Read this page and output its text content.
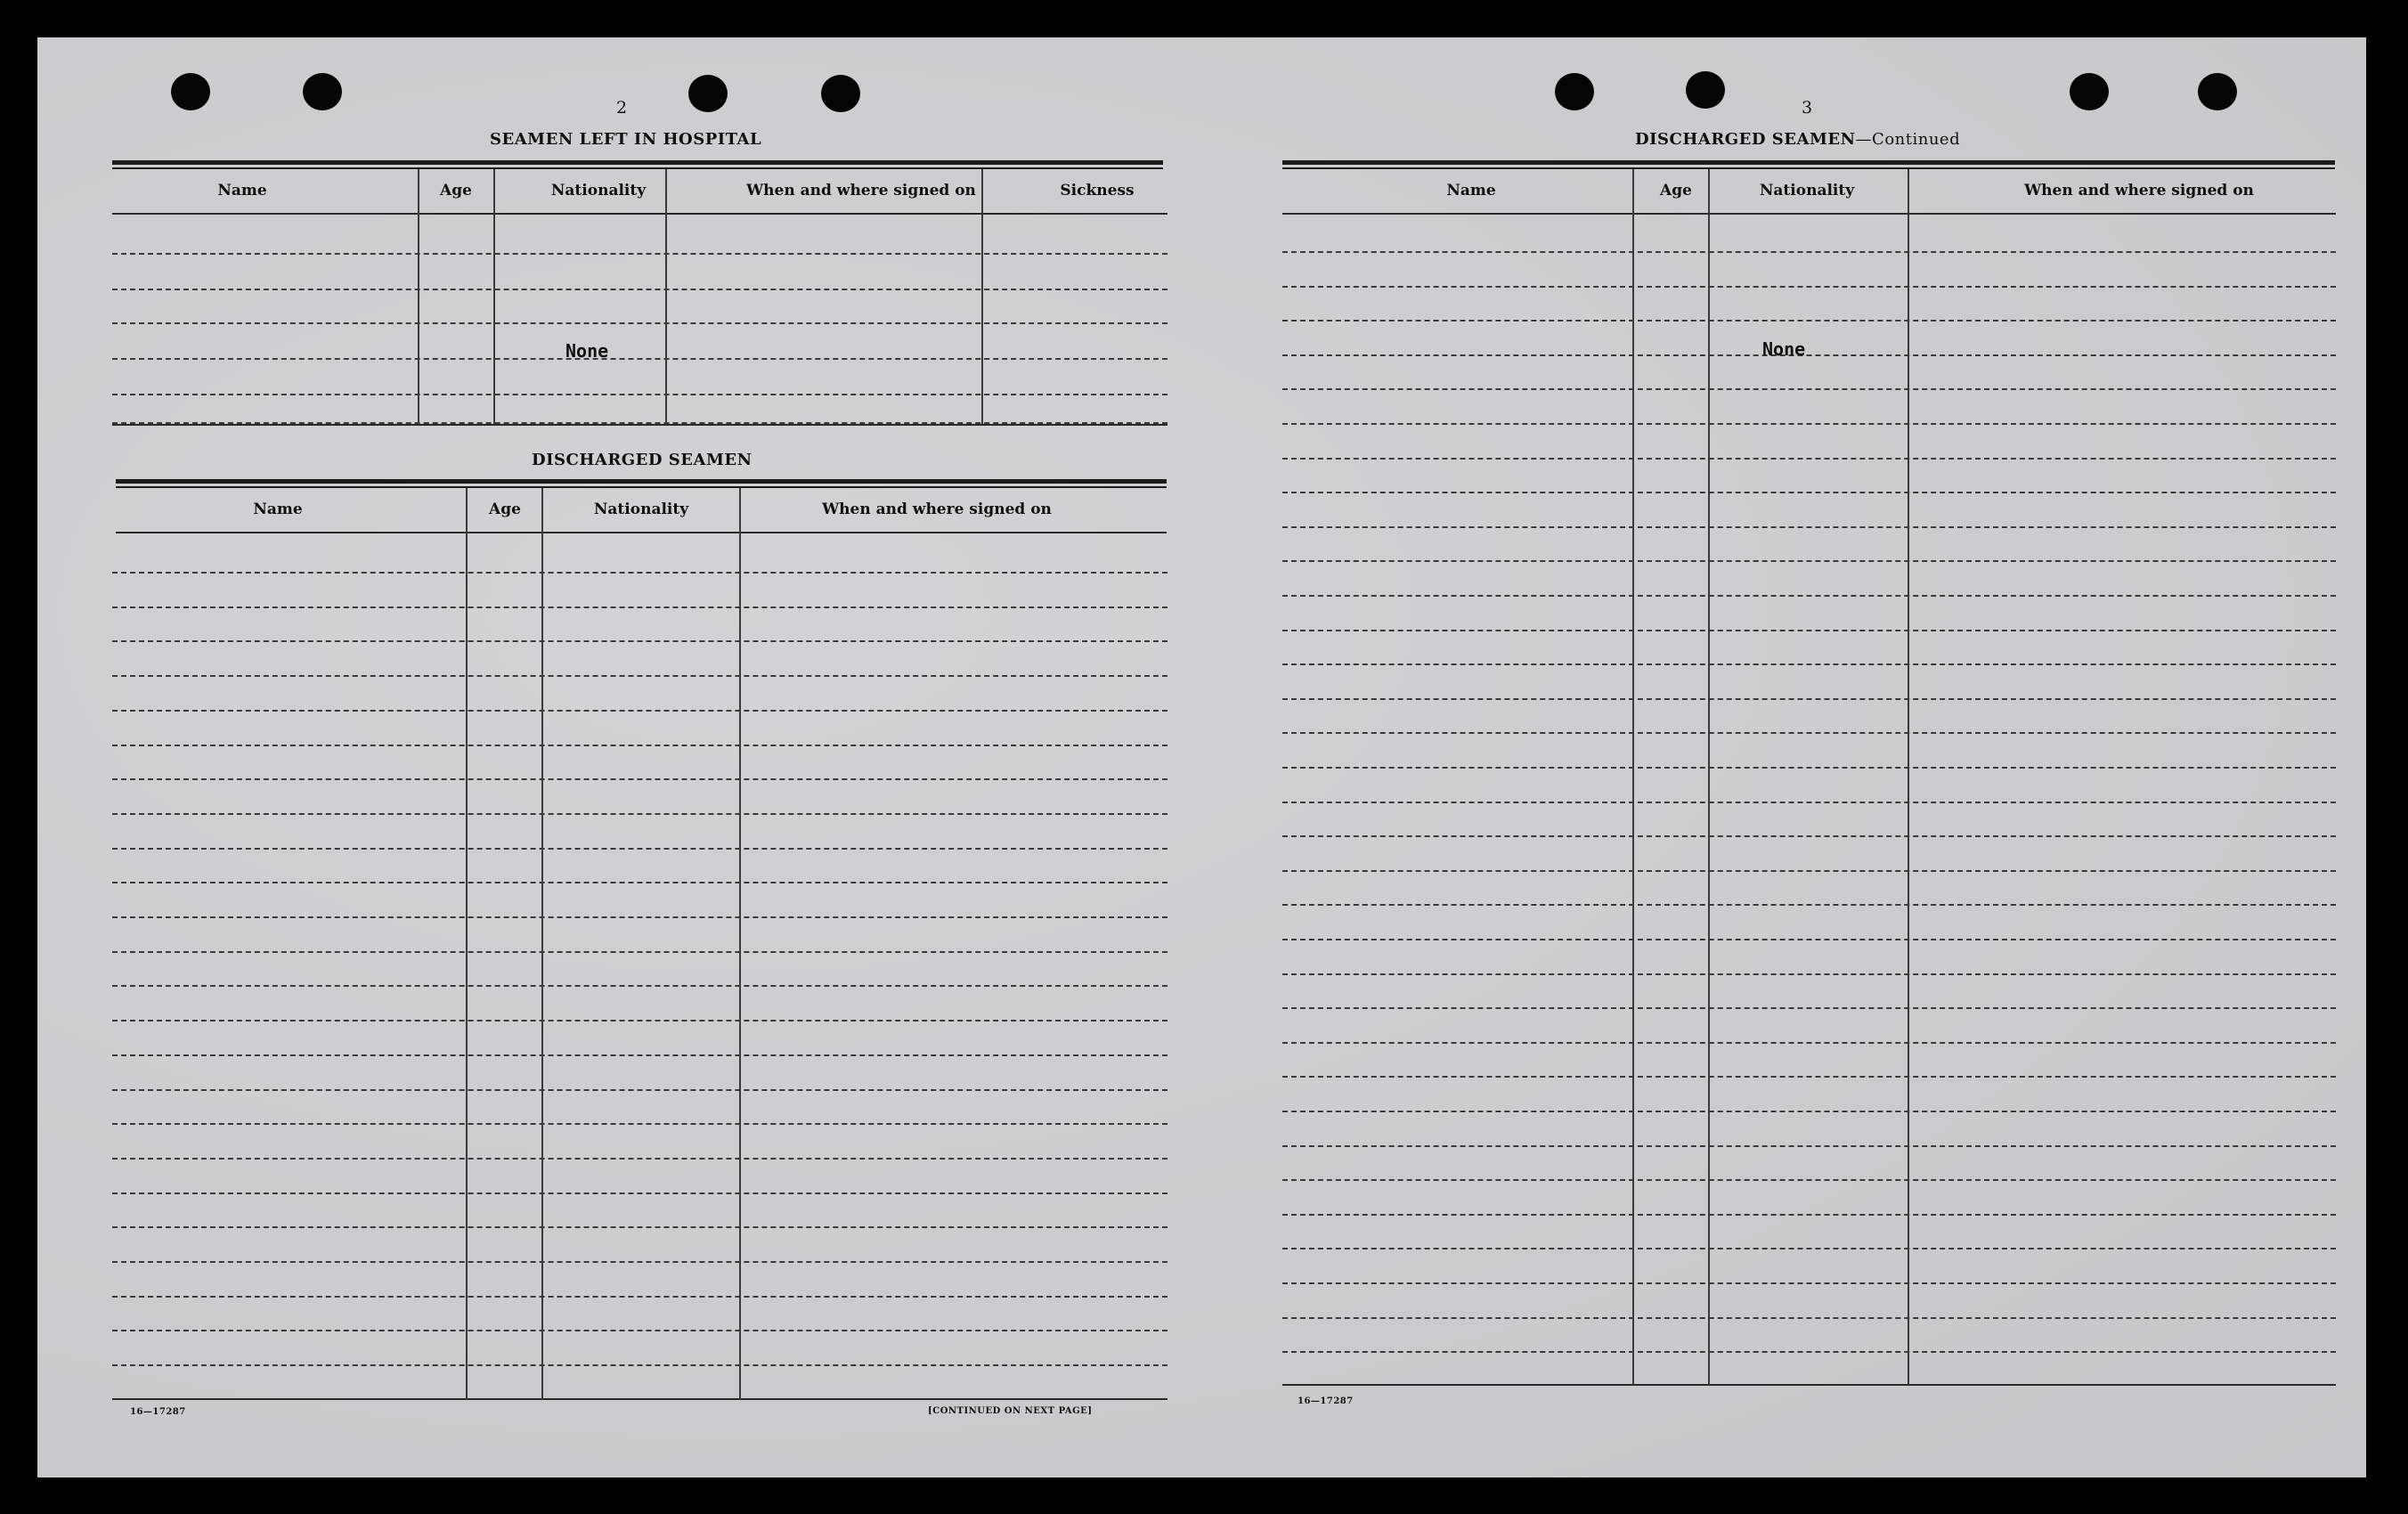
2
SEAMEN LEFT IN HOSPITAL
Name	Age	Nationality	When and where signed on	Sickness
None
DISCHARGED SEAMEN
Name	Age	Nationality	When and where signed on
16—17287	[CONTINUED ON NEXT PAGE]
3
DISCHARGED SEAMEN—Continued
Name	Age	Nationality	When and where signed on
None
16—17287
